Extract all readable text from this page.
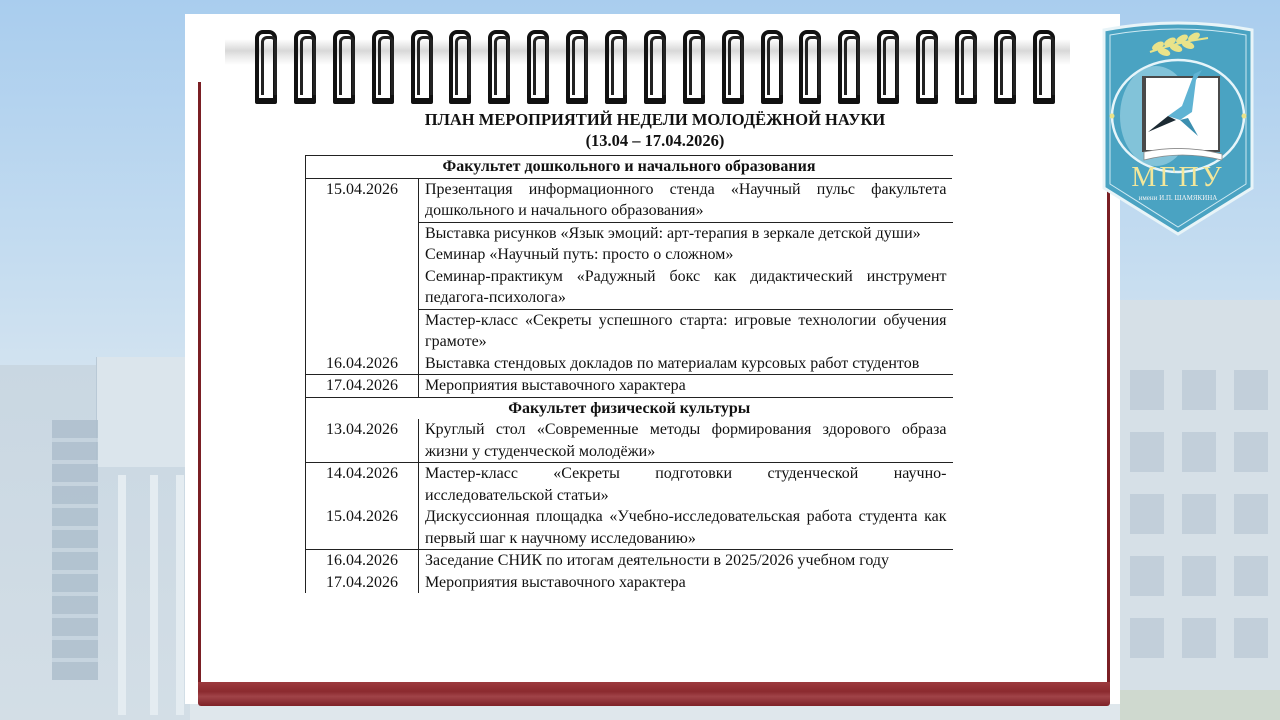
ПЛАН МЕРОПРИЯТИЙ НЕДЕЛИ МОЛОДЁЖНОЙ НАУКИ
(13.04 – 17.04.2026)
Факультет дошкольного и начального образования	
15.04.2026	Презентация информационного стенда «Научный пульс факультета дошкольного и начального образования»
	Выставка рисунков «Язык эмоций: арт-терапия в зеркале детской души»
	Семинар «Научный путь: просто о сложном»
	Семинар-практикум «Радужный бокс как дидактический инструмент педагога-психолога»
	Мастер-класс «Секреты успешного старта: игровые технологии обучения грамоте»
16.04.2026	Выставка стендовых докладов по материалам курсовых работ студентов
17.04.2026	Мероприятия выставочного характера
Факультет физической культуры	
13.04.2026	Круглый стол «Современные методы формирования здорового образа жизни у студенческой молодёжи»
14.04.2026	Мастер-класс «Секреты подготовки студенческой научно-исследовательской статьи»
15.04.2026	Дискуссионная площадка «Учебно-исследовательская работа студента как первый шаг к научному исследованию»
16.04.2026	Заседание СНИК по итогам деятельности в 2025/2026 учебном году
17.04.2026	Мероприятия выставочного характера
МГПУ
имени И.П. ШАМЯКИНА
